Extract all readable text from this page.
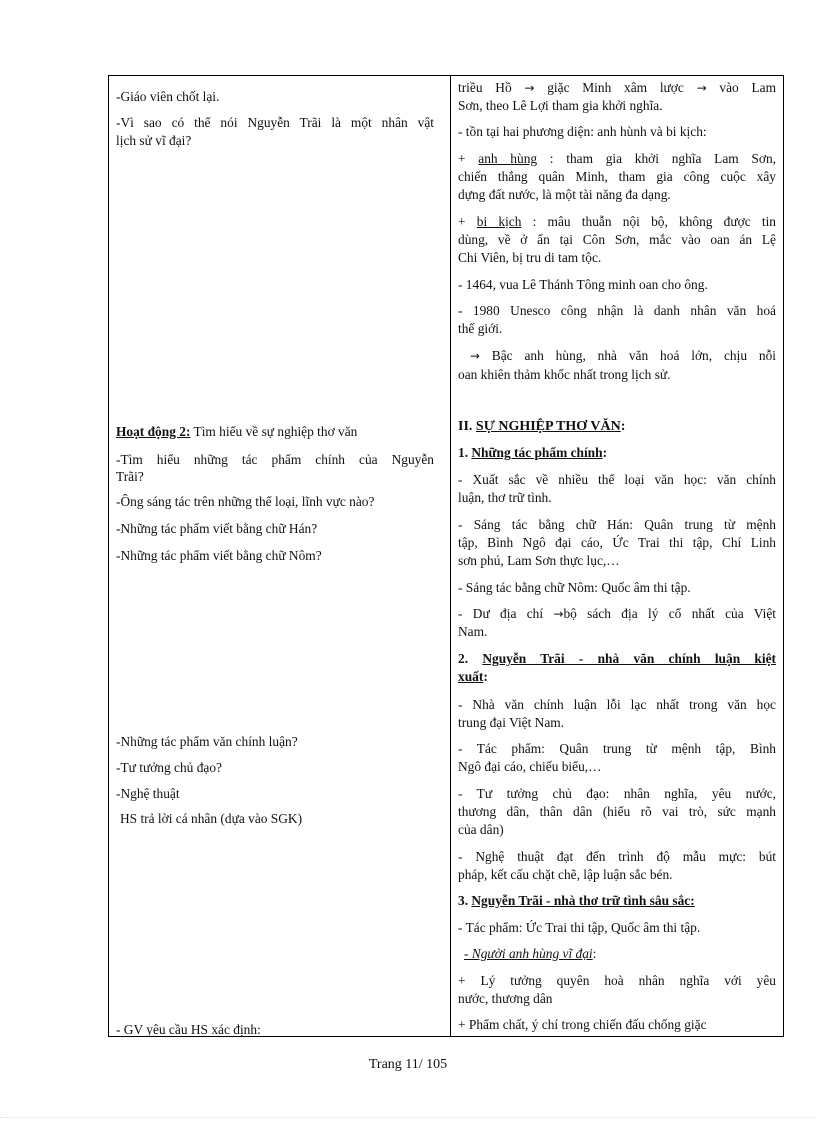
-Giáo viên chốt lại.
-Vì sao có thể nói Nguyễn Trãi là một nhân vật
lịch sử vĩ đại?
Hoạt động 2: Tìm hiểu về sự nghiệp thơ văn
-Tìm hiểu những tác phẩm chính của Nguyễn
Trãi?
-Ông sáng tác trên những thể loại, lĩnh vực nào?
-Những tác phẩm viết bằng chữ Hán?
-Những tác phẩm viết bằng chữ Nôm?
-Những tác phẩm văn chính luận?
-Tư tưởng chủ đạo?
-Nghệ thuật
HS trả lời cá nhân (dựa vào SGK)
- GV yêu cầu HS xác định:
triều Hồ → giặc Minh xâm lược → vào Lam
Sơn, theo Lê Lợi tham gia khởi nghĩa.
- tồn tại hai phương diện: anh hùnh và bi kịch:
+ anh hùng : tham gia khởi nghĩa Lam Sơn,
chiến thắng quân Minh, tham gia công cuộc xây
dựng đất nước, là một tài năng đa dạng.
+ bi kịch : mâu thuẫn nội bộ, không được tin
dùng, về ở ẩn tại Côn Sơn, mắc vào oan án Lệ
Chi Viên, bị tru di tam tộc.
- 1464, vua Lê Thánh Tông minh oan cho ông.
- 1980 Unesco công nhận là danh nhân văn hoá
thế giới.
→ Bậc anh hùng, nhà văn hoá lớn, chịu nỗi
oan khiên thảm khốc nhất trong lịch sử.
II. SỰ NGHIỆP THƠ VĂN:
1. Những tác phẩm chính:
- Xuất sắc về nhiều thể loại văn học: văn chính
luận, thơ trữ tình.
- Sáng tác bằng chữ Hán: Quân trung từ mệnh
tập, Bình Ngô đại cáo, Ức Trai thi tập, Chí Linh
sơn phú, Lam Sơn thực lục,…
- Sáng tác bằng chữ Nôm: Quốc âm thi tập.
- Dư địa chí →bộ sách địa lý cổ nhất của Việt
Nam.
2. Nguyễn Trãi - nhà văn chính luận kiệt
xuất:
- Nhà văn chính luận lỗi lạc nhất trong văn học
trung đại Việt Nam.
- Tác phẩm: Quân trung từ mệnh tập, Bình
Ngô đại cáo, chiếu biểu,…
- Tư tưởng chủ đạo: nhân nghĩa, yêu nước,
thương dân, thân dân (hiểu rõ vai trò, sức mạnh
của dân)
- Nghệ thuật đạt đến trình độ mẫu mực: bút
pháp, kết cấu chặt chẽ, lập luận sắc bén.
3. Nguyễn Trãi - nhà thơ trữ tình sâu sắc:
- Tác phẩm: Ức Trai thi tập, Quốc âm thi tập.
- Người anh hùng vĩ đại:
+ Lý tưởng quyên hoà nhân nghĩa với yêu
nước, thương dân
+ Phẩm chất, ý chí trong chiến đấu chống giặc
Trang 11/ 105
